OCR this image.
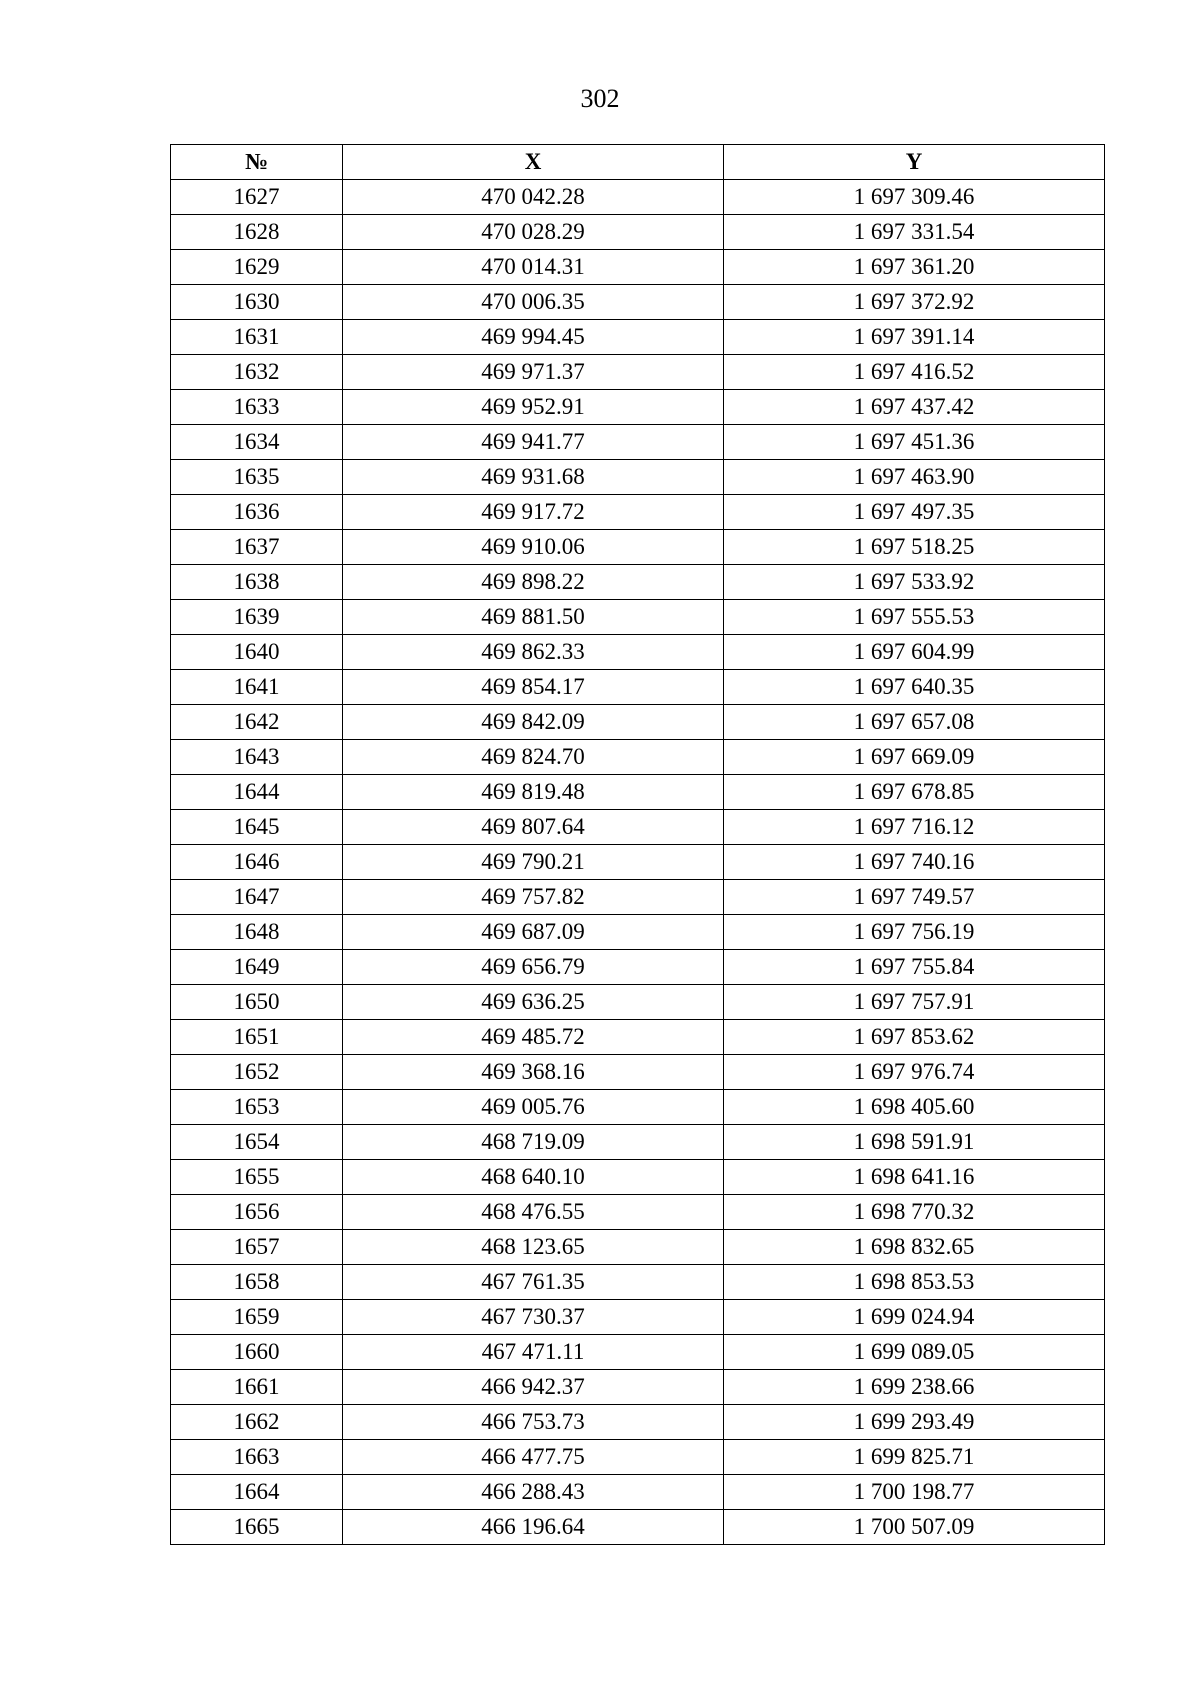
302
№	X	Y
1627	470 042.28	1 697 309.46
1628	470 028.29	1 697 331.54
1629	470 014.31	1 697 361.20
1630	470 006.35	1 697 372.92
1631	469 994.45	1 697 391.14
1632	469 971.37	1 697 416.52
1633	469 952.91	1 697 437.42
1634	469 941.77	1 697 451.36
1635	469 931.68	1 697 463.90
1636	469 917.72	1 697 497.35
1637	469 910.06	1 697 518.25
1638	469 898.22	1 697 533.92
1639	469 881.50	1 697 555.53
1640	469 862.33	1 697 604.99
1641	469 854.17	1 697 640.35
1642	469 842.09	1 697 657.08
1643	469 824.70	1 697 669.09
1644	469 819.48	1 697 678.85
1645	469 807.64	1 697 716.12
1646	469 790.21	1 697 740.16
1647	469 757.82	1 697 749.57
1648	469 687.09	1 697 756.19
1649	469 656.79	1 697 755.84
1650	469 636.25	1 697 757.91
1651	469 485.72	1 697 853.62
1652	469 368.16	1 697 976.74
1653	469 005.76	1 698 405.60
1654	468 719.09	1 698 591.91
1655	468 640.10	1 698 641.16
1656	468 476.55	1 698 770.32
1657	468 123.65	1 698 832.65
1658	467 761.35	1 698 853.53
1659	467 730.37	1 699 024.94
1660	467 471.11	1 699 089.05
1661	466 942.37	1 699 238.66
1662	466 753.73	1 699 293.49
1663	466 477.75	1 699 825.71
1664	466 288.43	1 700 198.77
1665	466 196.64	1 700 507.09
